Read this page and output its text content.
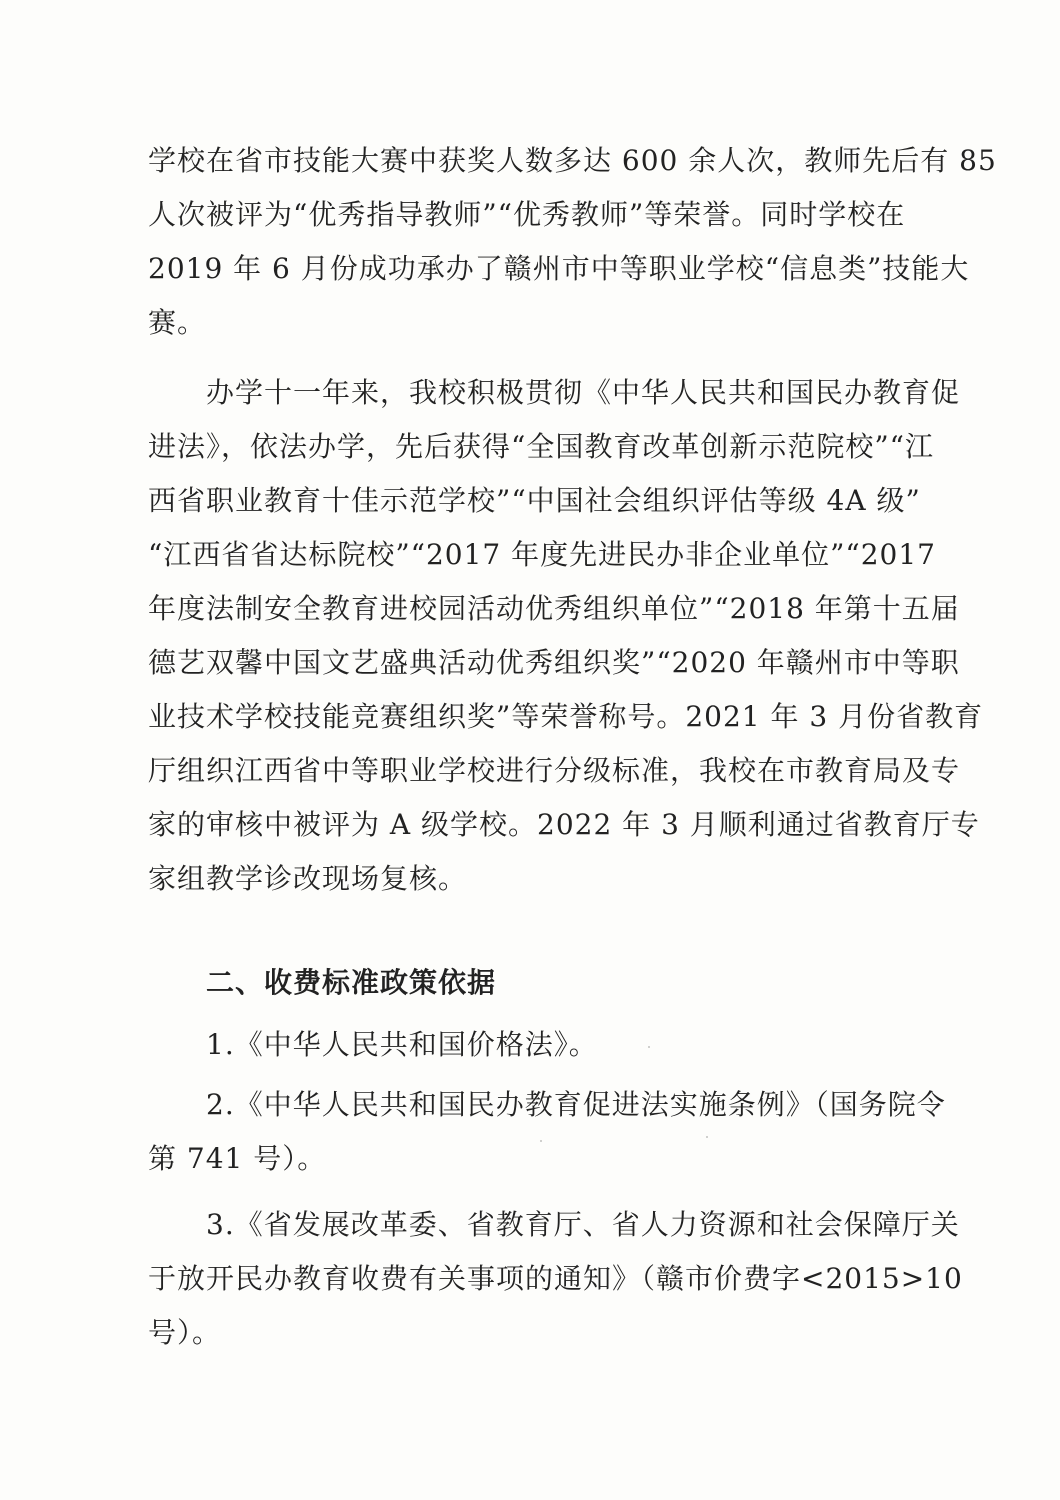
学校在省市技能大赛中获奖人数多达 600 余人次，教师先后有 85
人次被评为“优秀指导教师”“优秀教师”等荣誉。同时学校在
2019 年 6 月份成功承办了赣州市中等职业学校“信息类”技能大
赛。
　　办学十一年来，我校积极贯彻《中华人民共和国民办教育促
进法》，依法办学，先后获得“全国教育改革创新示范院校”“江
西省职业教育十佳示范学校”“中国社会组织评估等级 4A 级”
“江西省省达标院校”“2017 年度先进民办非企业单位”“2017
年度法制安全教育进校园活动优秀组织单位”“2018 年第十五届
德艺双馨中国文艺盛典活动优秀组织奖”“2020 年赣州市中等职
业技术学校技能竞赛组织奖”等荣誉称号。2021 年 3 月份省教育
厅组织江西省中等职业学校进行分级标准，我校在市教育局及专
家的审核中被评为 A 级学校。2022 年 3 月顺利通过省教育厅专
家组教学诊改现场复核。
　　二、收费标准政策依据
　　1.《中华人民共和国价格法》。
　　2.《中华人民共和国民办教育促进法实施条例》（国务院令
第 741 号）。
　　3.《省发展改革委、省教育厅、省人力资源和社会保障厅关
于放开民办教育收费有关事项的通知》（赣市价费字<2015>10
号）。
